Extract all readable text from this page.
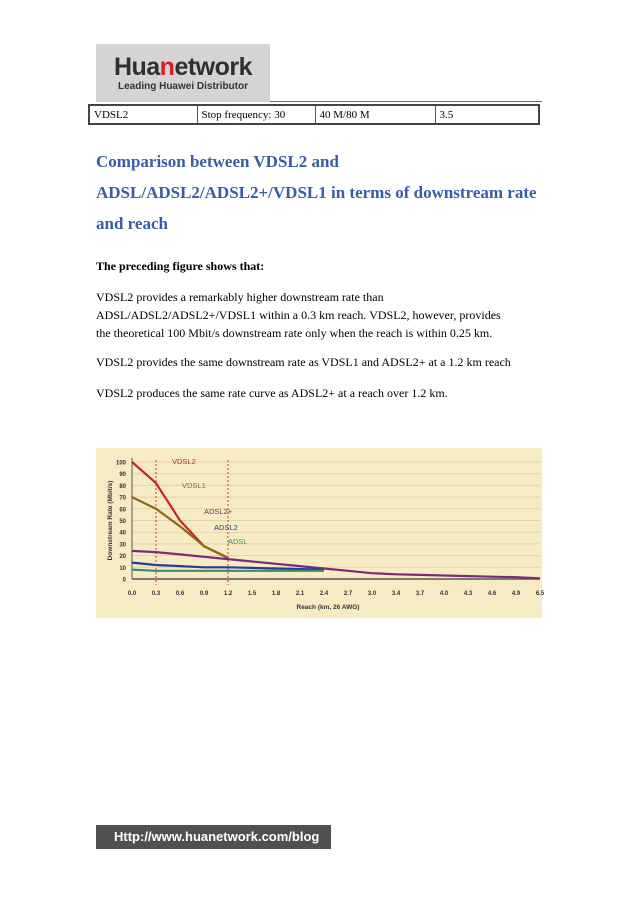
Huanetwork
Leading Huawei Distributor
VDSL2	Stop frequency: 30	40 M/80 M	3.5
Comparison between VDSL2 and
ADSL/ADSL2/ADSL2+/VDSL1 in terms of downstream rate
and reach
The preceding figure shows that:
VDSL2 provides a remarkably higher downstream rate than
ADSL/ADSL2/ADSL2+/VDSL1 within a 0.3 km reach. VDSL2, however, provides
the theoretical 100 Mbit/s downstream rate only when the reach is within 0.25 km.
VDSL2 provides the same downstream rate as VDSL1 and ADSL2+ at a 1.2 km reach
VDSL2 produces the same rate curve as ADSL2+ at a reach over 1.2 km.
0
10
20
30
40
50
60
70
80
90
100
0.0	0.3	0.6	0.9	1.2	1.5	1.8	2.1	2.4	2.7	3.0	3.4	3.7	4.0	4.3	4.6	4.9	6.5
VDSL2
VDSL1
ADSL2+
ADSL2
ADSL
Reach (km, 26 AWG)
Downstream Rate (Mbit/s)
Http://www.huanetwork.com/blog
